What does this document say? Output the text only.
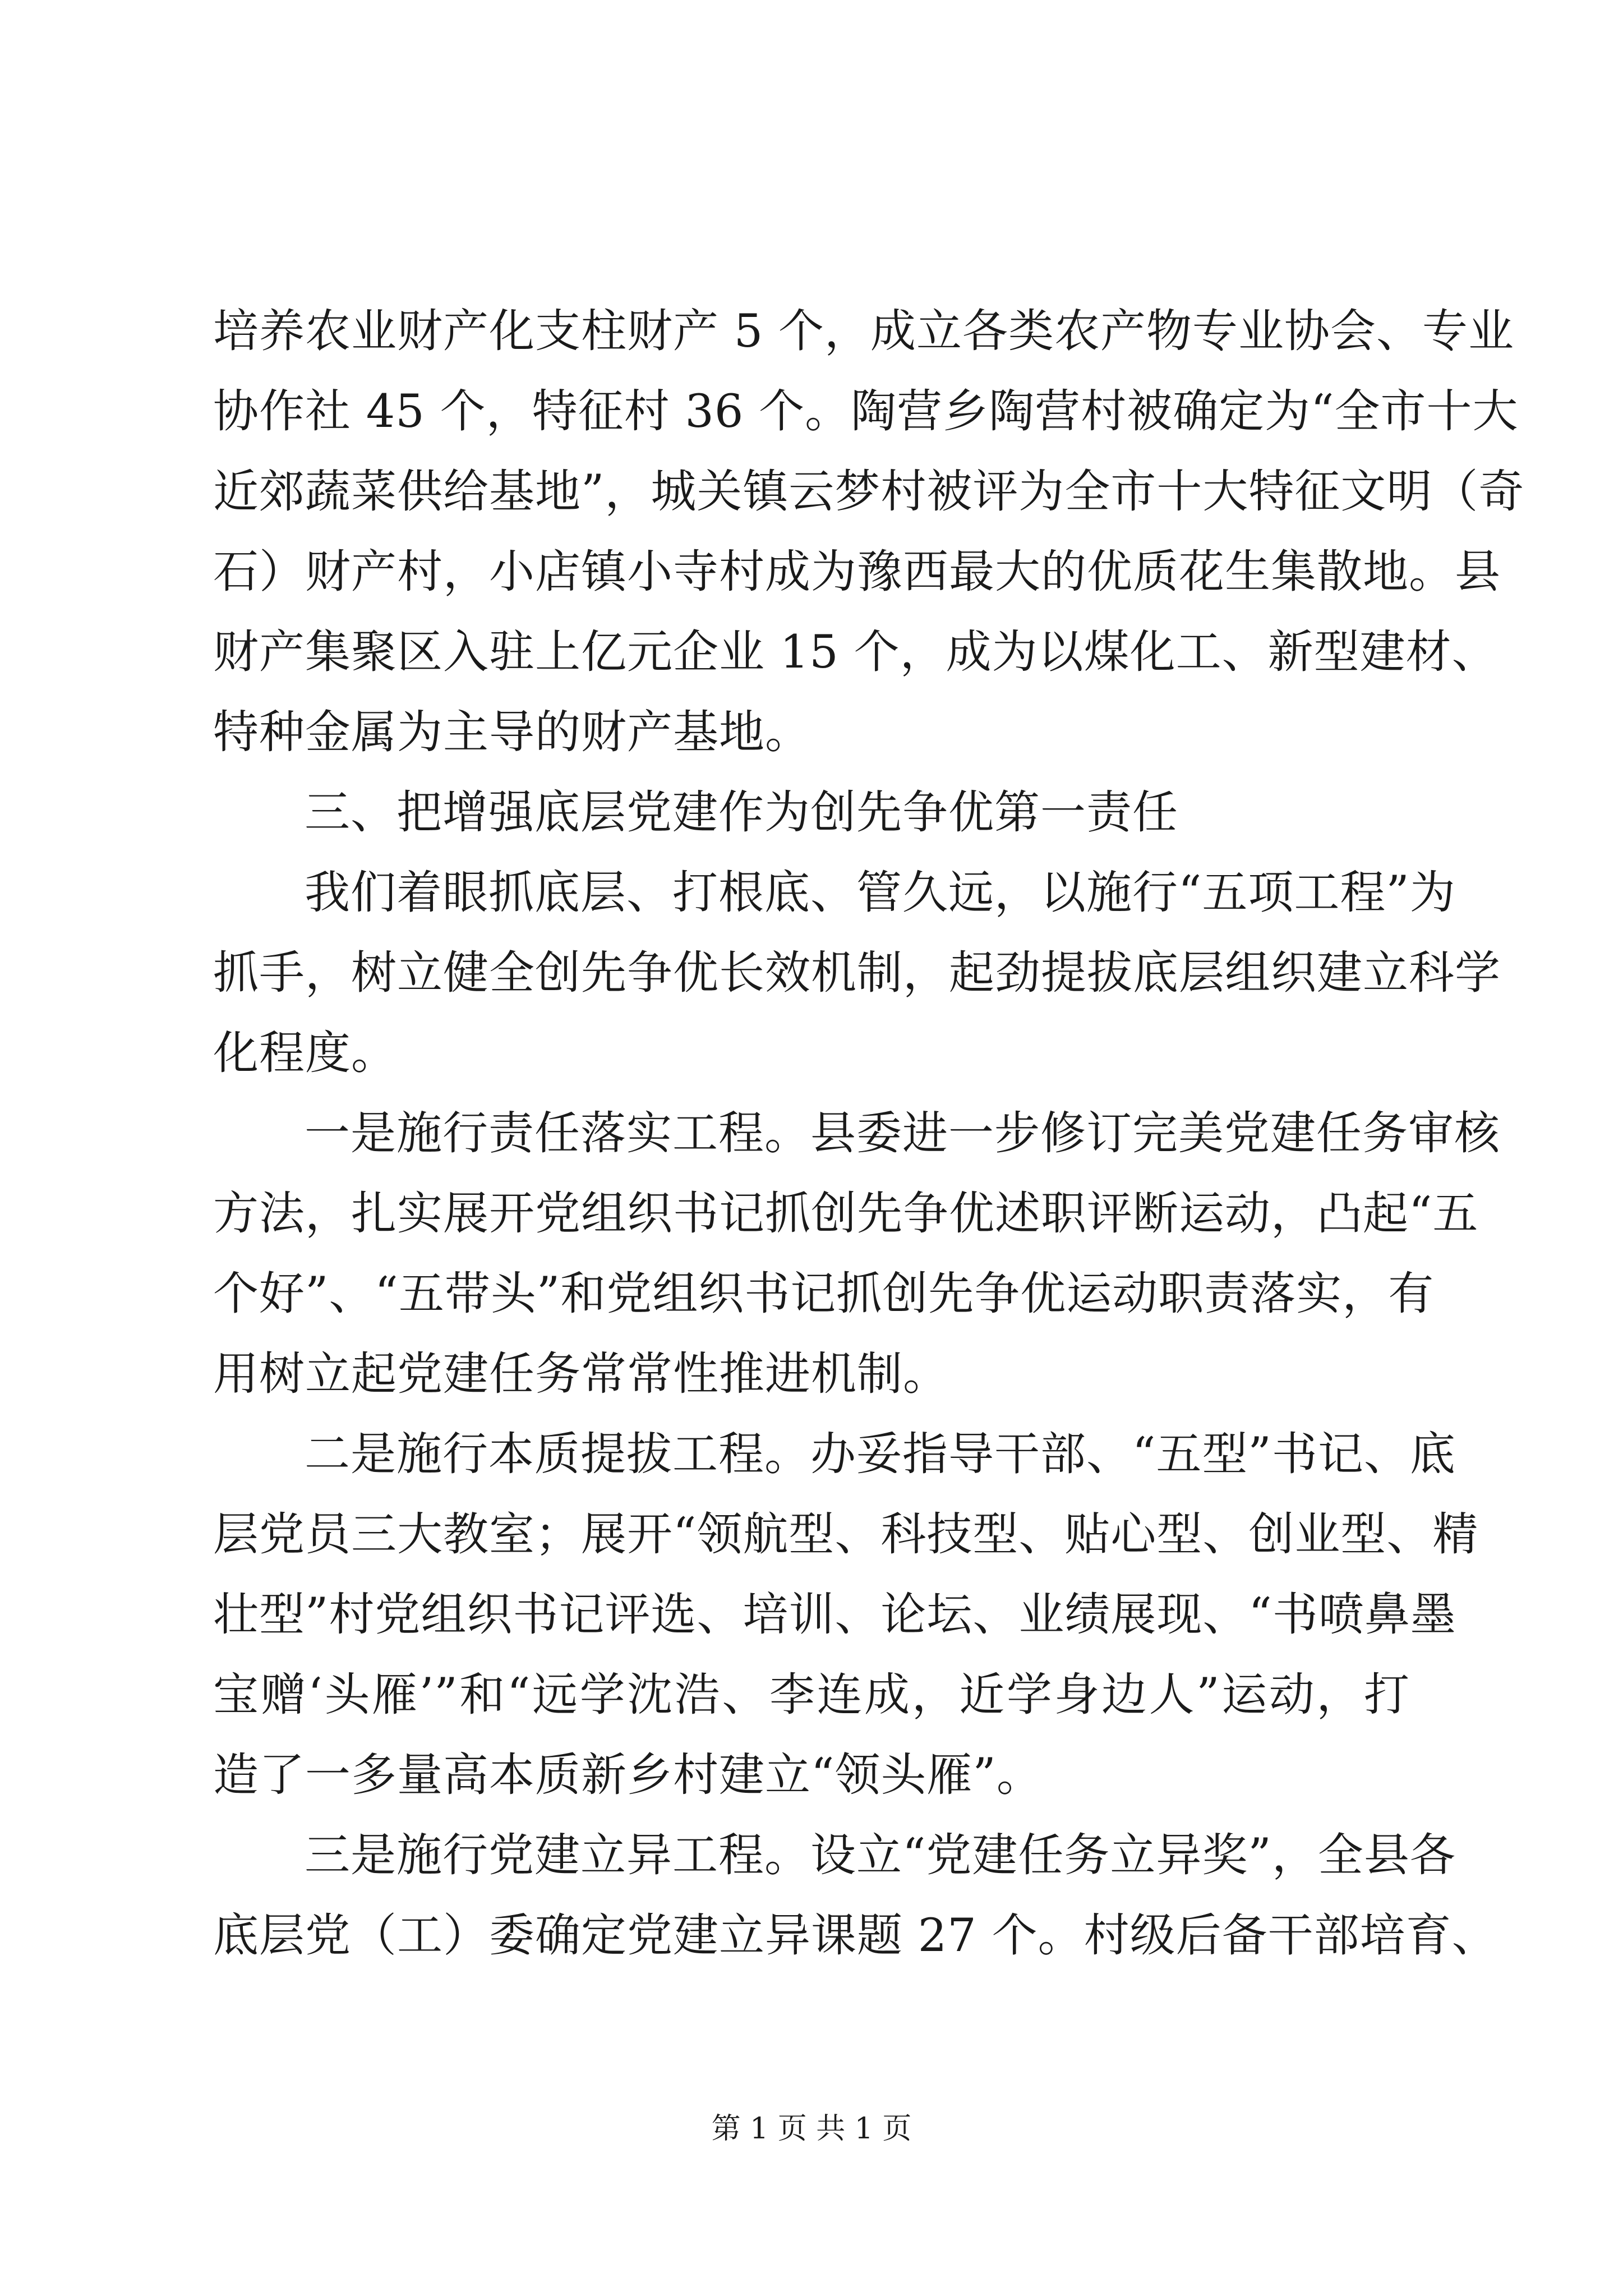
培养农业财产化支柱财产 5 个，成立各类农产物专业协会、专业
协作社 45 个，特征村 36 个。陶营乡陶营村被确定为“全市十大
近郊蔬菜供给基地”，城关镇云梦村被评为全市十大特征文明（奇
石）财产村，小店镇小寺村成为豫西最大的优质花生集散地。县
财产集聚区入驻上亿元企业 15 个，成为以煤化工、新型建材、
特种金属为主导的财产基地。
三、把增强底层党建作为创先争优第一责任
我们着眼抓底层、打根底、管久远，以施行“五项工程”为
抓手，树立健全创先争优长效机制，起劲提拔底层组织建立科学
化程度。
一是施行责任落实工程。县委进一步修订完美党建任务审核
方法，扎实展开党组织书记抓创先争优述职评断运动，凸起“五
个好”、“五带头”和党组织书记抓创先争优运动职责落实，有
用树立起党建任务常常性推进机制。
二是施行本质提拔工程。办妥指导干部、“五型”书记、底
层党员三大教室；展开“领航型、科技型、贴心型、创业型、精
壮型”村党组织书记评选、培训、论坛、业绩展现、“书喷鼻墨
宝赠‘头雁’”和“远学沈浩、李连成，近学身边人”运动，打
造了一多量高本质新乡村建立“领头雁”。
三是施行党建立异工程。设立“党建任务立异奖”，全县各
底层党（工）委确定党建立异课题 27 个。村级后备干部培育、
第 1 页 共 1 页
